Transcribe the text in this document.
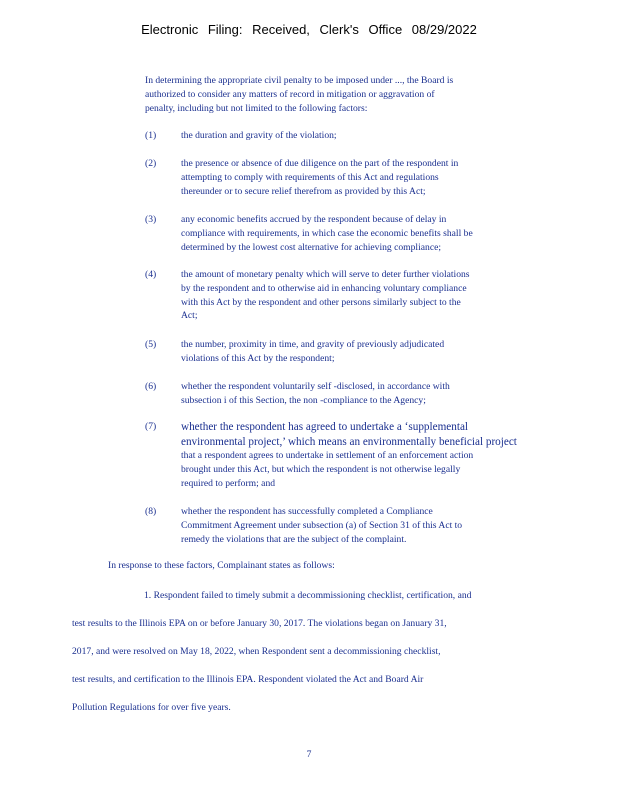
Electronic Filing: Received, Clerk's Office 08/29/2022
In determining the appropriate civil penalty to be imposed under ..., the Board is
authorized to consider any matters of record in mitigation or aggravation of
penalty, including but not limited to the following factors:
(1)	the duration and gravity of the violation;
(2)	the presence or absence of due diligence on the part of the respondent in
attempting to comply with requirements of this Act and regulations
thereunder or to secure relief therefrom as provided by this Act;
(3)	any economic benefits accrued by the respondent because of delay in
compliance with requirements, in which case the economic benefits shall be
determined by the lowest cost alternative for achieving compliance;
(4)	the amount of monetary penalty which will serve to deter further violations
by the respondent and to otherwise aid in enhancing voluntary compliance
with this Act by the respondent and other persons similarly subject to the
Act;
(5)	the number, proximity in time, and gravity of previously adjudicated
violations of this Act by the respondent;
(6)	whether the respondent voluntarily self -disclosed, in accordance with
subsection i of this Section, the non -compliance to the Agency;
(7)	whether the respondent has agreed to undertake a ‘supplemental
environmental project,’ which means an environmentally beneficial project
that a respondent agrees to undertake in settlement of an enforcement action
brought under this Act, but which the respondent is not otherwise legally
required to perform; and
(8)	whether the respondent has successfully completed a Compliance
Commitment Agreement under subsection (a) of Section 31 of this Act to
remedy the violations that are the subject of the complaint.
In response to these factors, Complainant states as follows:
1. Respondent failed to timely submit a decommissioning checklist, certification, and
test results to the Illinois EPA on or before January 30, 2017. The violations began on January 31,
2017, and were resolved on May 18, 2022, when Respondent sent a decommissioning checklist,
test results, and certification to the Illinois EPA. Respondent violated the Act and Board Air
Pollution Regulations for over five years.
7
